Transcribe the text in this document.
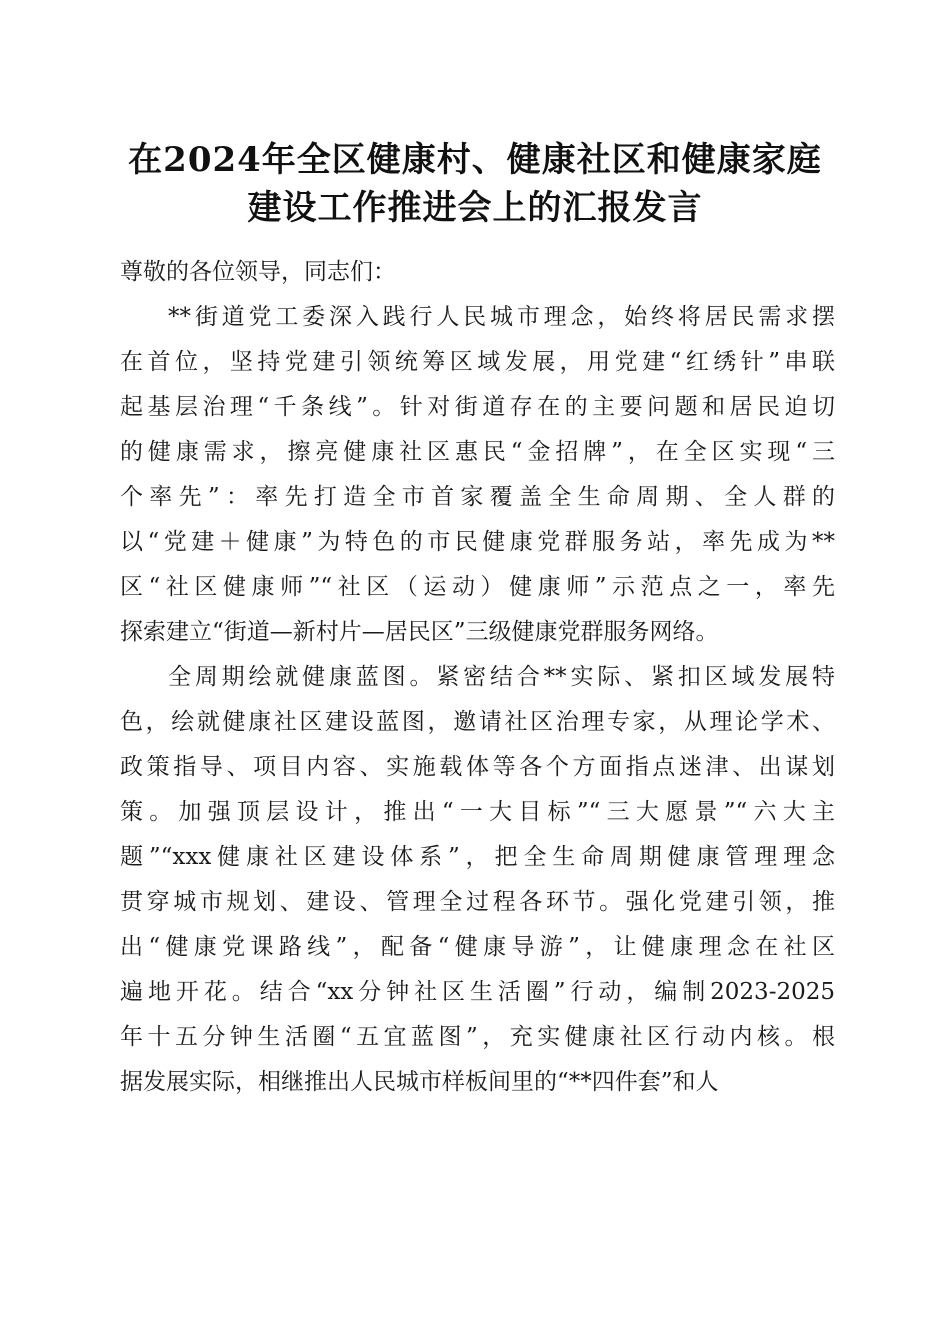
在2024年全区健康村、健康社区和健康家庭
建设工作推进会上的汇报发言
尊敬的各位领导，同志们：
**街道党工委深入践行人民城市理念，始终将居民需求摆
在首位，坚持党建引领统筹区域发展，用党建“红绣针”串联
起基层治理“千条线”。针对街道存在的主要问题和居民迫切
的健康需求，擦亮健康社区惠民“金招牌”，在全区实现“三
个率先”：率先打造全市首家覆盖全生命周期、全人群的
以“党建＋健康”为特色的市民健康党群服务站，率先成为**
区“社区健康师”“社区（运动）健康师”示范点之一，率先
探索建立“街道—新村片—居民区”三级健康党群服务网络。
全周期绘就健康蓝图。紧密结合**实际、紧扣区域发展特
色，绘就健康社区建设蓝图，邀请社区治理专家，从理论学术、
政策指导、项目内容、实施载体等各个方面指点迷津、出谋划
策。加强顶层设计，推出“一大目标”“三大愿景”“六大主
题”“xxx健康社区建设体系”，把全生命周期健康管理理念
贯穿城市规划、建设、管理全过程各环节。强化党建引领，推
出“健康党课路线”，配备“健康导游”，让健康理念在社区
遍地开花。结合“xx分钟社区生活圈”行动，编制2023-2025
年十五分钟生活圈“五宜蓝图”，充实健康社区行动内核。根
据发展实际，相继推出人民城市样板间里的“**四件套”和人
